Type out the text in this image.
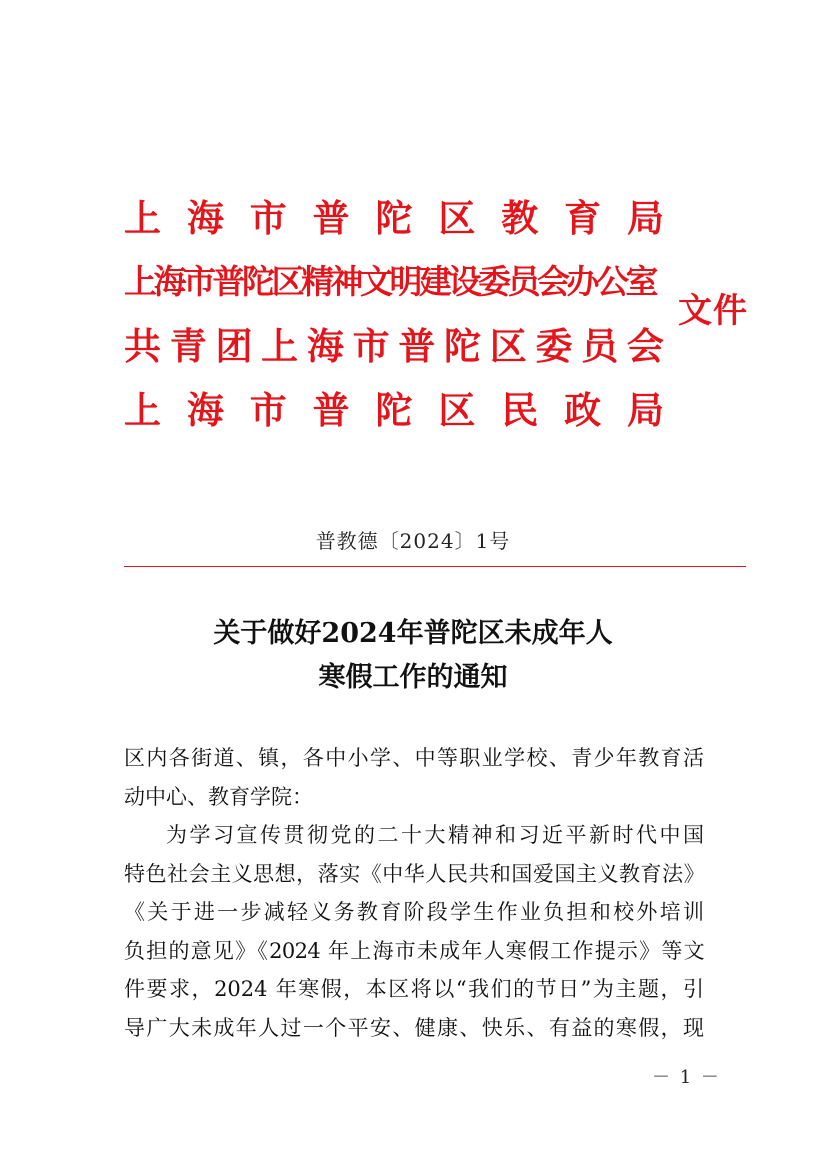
上 海 市 普 陀 区 教 育 局
上海市普陀区精神文明建设委员会办公室
共 青 团 上 海 市 普 陀 区 委 员 会
上 海 市 普 陀 区 民 政 局
文件
普教德〔2024〕1号
关于做好2024年普陀区未成年人
寒假工作的通知
区内各街道、镇，各中小学、中等职业学校、青少年教育活
动中心、教育学院：
为学习宣传贯彻党的二十大精神和习近平新时代中国
特色社会主义思想，落实《中华人民共和国爱国主义教育法》
《关于进一步减轻义务教育阶段学生作业负担和校外培训
负担的意见》《2024 年上海市未成年人寒假工作提示》等文
件要求，2024 年寒假，本区将以“我们的节日”为主题，引
导广大未成年人过一个平安、健康、快乐、有益的寒假，现
－ 1 －
